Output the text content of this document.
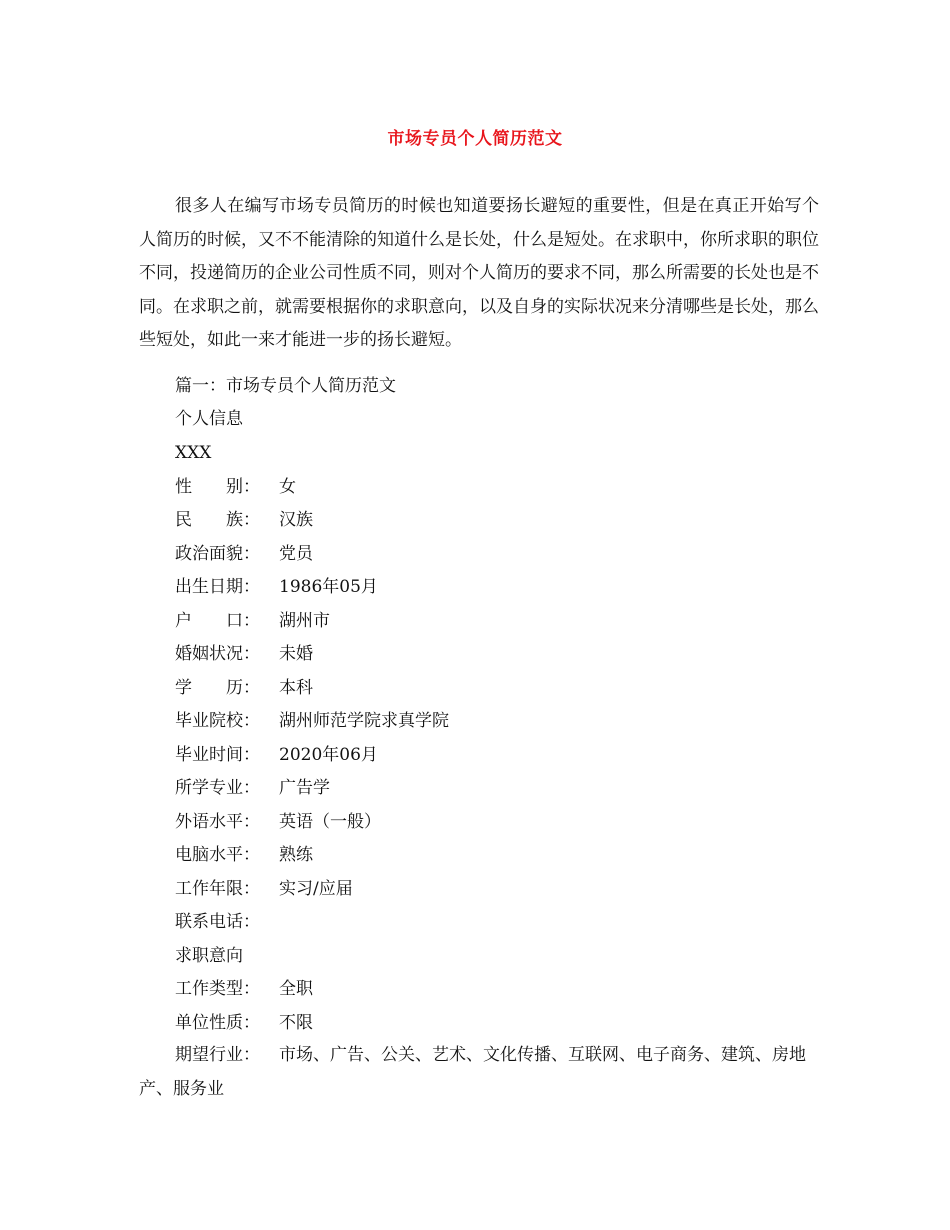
市场专员个人简历范文

很多人在编写市场专员简历的时候也知道要扬长避短的重要性，但是在真正开始写个人简历的时候，又不不能清除的知道什么是长处，什么是短处。在求职中，你所求职的职位不同，投递简历的企业公司性质不同，则对个人简历的要求不同，那么所需要的长处也是不同。在求职之前，就需要根据你的求职意向，以及自身的实际状况来分清哪些是长处，那么些短处，如此一来才能进一步的扬长避短。

篇一：市场专员个人简历范文
个人信息
XXX
性　　别： 女
民　　族： 汉族
政治面貌： 党员
出生日期： 1986年05月
户　　口： 湖州市
婚姻状况： 未婚
学　　历： 本科
毕业院校： 湖州师范学院求真学院
毕业时间： 2020年06月
所学专业： 广告学
外语水平： 英语（一般）
电脑水平： 熟练
工作年限： 实习/应届
联系电话：
求职意向
工作类型： 全职
单位性质： 不限
期望行业： 市场、广告、公关、艺术、文化传播、互联网、电子商务、建筑、房地产、服务业
